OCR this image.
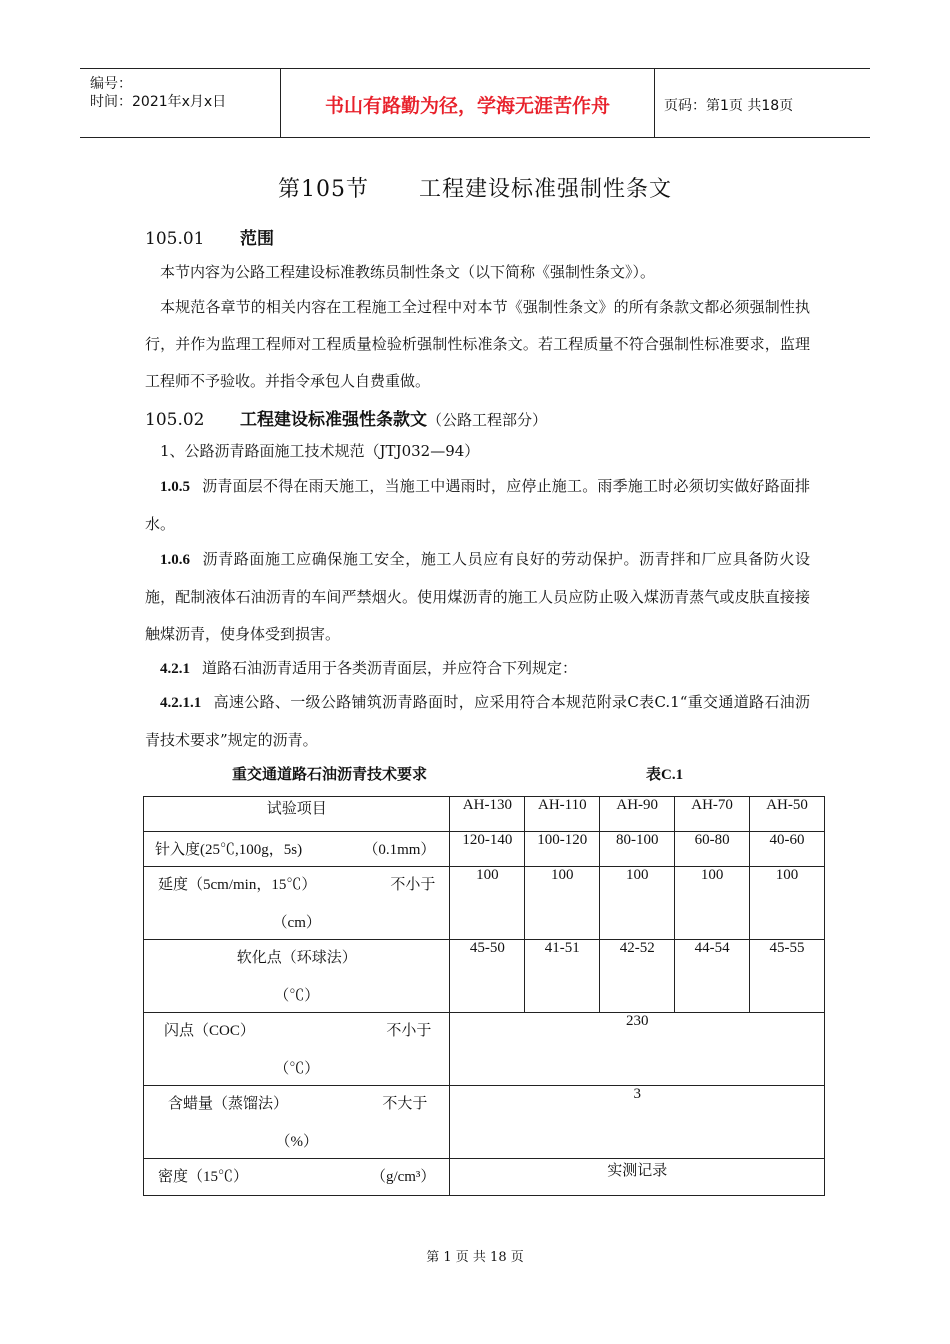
编号：
时间：2021年x月x日	书山有路勤为径，学海无涯苦作舟	页码：第1页 共18页
第105节 工程建设标准强制性条文
105.01 范围
本节内容为公路工程建设标准教练员制性条文（以下简称《强制性条文》）。
本规范各章节的相关内容在工程施工全过程中对本节《强制性条文》的所有条款文都必须强制性执行，并作为监理工程师对工程质量检验析强制性标准条文。若工程质量不符合强制性标准要求，监理工程师不予验收。并指令承包人自费重做。
105.02 工程建设标准强性条款文（公路工程部分）
1、公路沥青路面施工技术规范（JTJ032—94）
1.0.5 沥青面层不得在雨天施工，当施工中遇雨时，应停止施工。雨季施工时必须切实做好路面排水。
1.0.6 沥青路面施工应确保施工安全，施工人员应有良好的劳动保护。沥青拌和厂应具备防火设施，配制液体石油沥青的车间严禁烟火。使用煤沥青的施工人员应防止吸入煤沥青蒸气或皮肤直接接触煤沥青，使身体受到损害。
4.2.1 道路石油沥青适用于各类沥青面层，并应符合下列规定：
4.2.1.1 高速公路、一级公路铺筑沥青路面时，应采用符合本规范附录C表C.1“重交通道路石油沥青技术要求”规定的沥青。
重交通道路石油沥青技术要求	表C.1
试验项目	AH-130	AH-110	AH-90	AH-70	AH-50

针入度(25℃,100g，5s) （0.1mm）	120-140	100-120	80-100	60-80	40-60

延度（5cm/min，15℃） 不小于
（cm）	100	100	100	100	100

软化点（环球法）
（℃）	45-50	41-51	42-52	44-54	45-55

闪点（COC） 不小于
（℃）	230				

含蜡量（蒸馏法） 不大于
（%）	3				

密度（15℃） （g/cm³）	实测记录				
第 1 页 共 18 页
